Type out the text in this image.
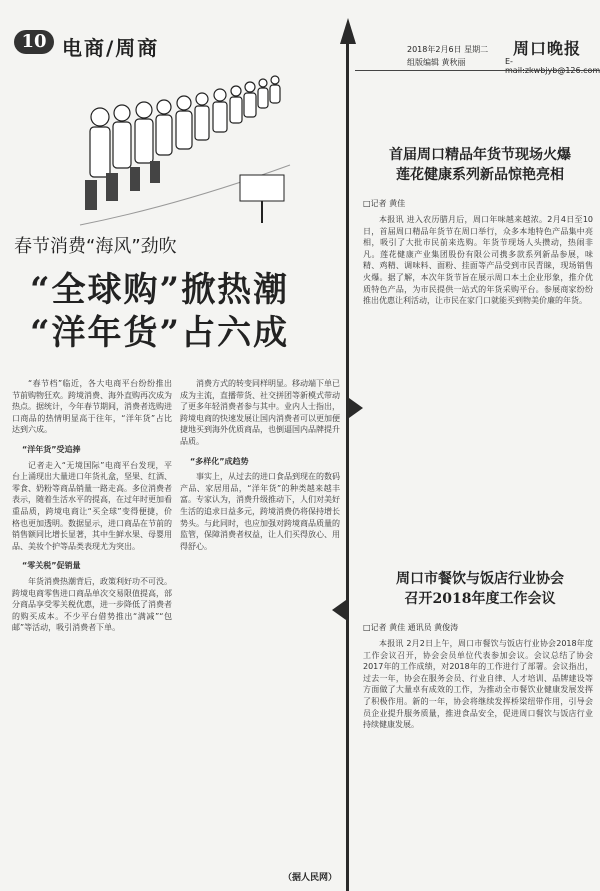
10 电商/周商
春节消费“海风”劲吹
“全球购”掀热潮
“洋年货”占六成

“春节档”临近，各大电商平台纷纷推出节前购物狂欢。跨境消费、海外直购再次成为热点。据统计，今年春节期间，消费者选购进口商品的热情明显高于往年，“洋年货”占比达到六成。

“洋年货”受追捧

记者走入“无境国际”电商平台发现，平台上涌现出大量进口年货礼盒，坚果、红酒、零食、奶粉等商品销量一路走高。多位消费者表示，随着生活水平的提高，在过年时更加看重品质，跨境电商让“买全球”变得便捷，价格也更加透明。数据显示，进口商品在节前的销售额同比增长显著，其中生鲜水果、母婴用品、美妆个护等品类表现尤为突出。

“零关税”促销量

年货消费热潮背后，政策利好功不可没。跨境电商零售进口商品单次交易限值提高，部分商品享受零关税优惠，进一步降低了消费者的购买成本。不少平台借势推出“满减”“包邮”等活动，吸引消费者下单。

消费方式的转变同样明显。移动端下单已成为主流，直播带货、社交拼团等新模式带动了更多年轻消费者参与其中。业内人士指出，跨境电商的快速发展让国内消费者可以更加便捷地买到海外优质商品，也倒逼国内品牌提升品质。

“多样化”成趋势

事实上，从过去的进口食品到现在的数码产品、家居用品，“洋年货”的种类越来越丰富。专家认为，消费升级推动下，人们对美好生活的追求日益多元，跨境消费仍将保持增长势头。与此同时，也应加强对跨境商品质量的监管，保障消费者权益，让人们买得放心、用得舒心。

（据人民网）
2018年2月6日 星期二 周口晚报
组版编辑 黄秋丽	E-
首届周口精品年货节现场火爆
莲花健康系列新品惊艳亮相
□记者 黄佳

本报讯 进入农历腊月后，周口年味越来越浓。2月4日至10日，首届周口精品年货节在周口举行，众多本地特色产品集中亮相，吸引了大批市民前来选购。年货节现场人头攒动，热闹非凡。莲花健康产业集团股份有限公司携多款系列新品参展，味精、鸡精、调味料、面粉、挂面等产品受到市民青睐，现场销售火爆。据了解，本次年货节旨在展示周口本土企业形象，推介优质特色产品，为市民提供一站式的年货采购平台。参展商家纷纷推出优惠让利活动，让市民在家门口就能买到物美价廉的年货。

周口市餐饮与饭店行业协会
召开2018年度工作会议
□记者 黄佳 通讯员 黄俊涛

本报讯 2月2日上午，周口市餐饮与饭店行业协会2018年度工作会议召开，协会会员单位代表参加会议。会议总结了协会2017年的工作成绩，对2018年的工作进行了部署。会议指出，过去一年，协会在服务会员、行业自律、人才培训、品牌建设等方面做了大量卓有成效的工作，为推动全市餐饮业健康发展发挥了积极作用。新的一年，协会将继续发挥桥梁纽带作用，引导会员企业提升服务质量，推进食品安全，促进周口餐饮与饭店行业持续健康发展。
